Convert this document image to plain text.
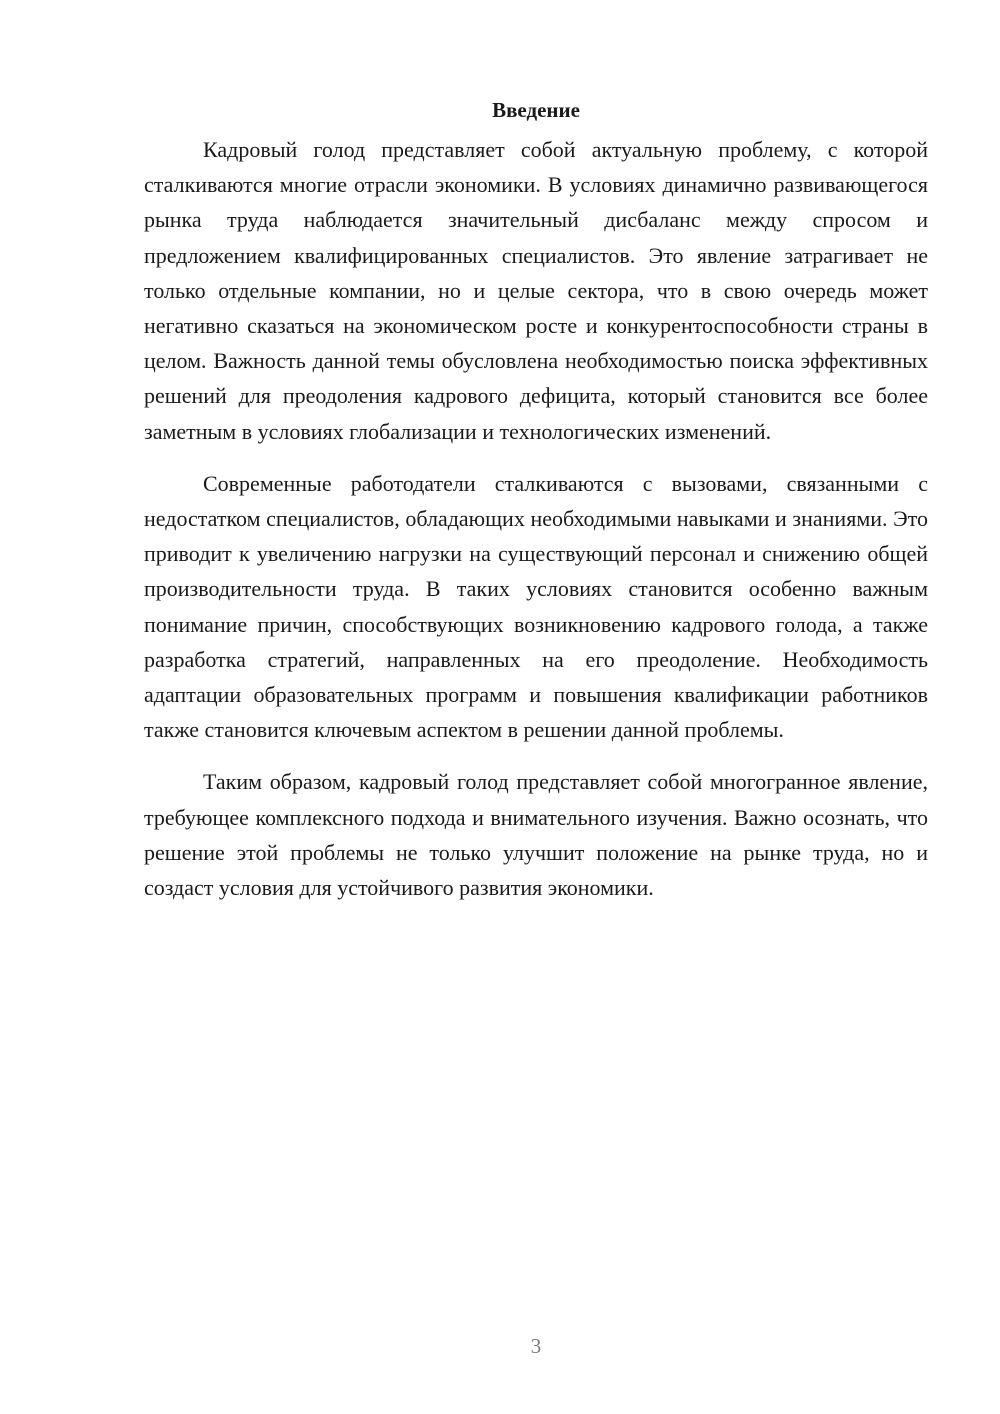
Введение

Кадровый голод представляет собой актуальную проблему, с которой сталкиваются многие отрасли экономики. В условиях динамично развивающегося рынка труда наблюдается значительный дисбаланс между спросом и предложением квалифицированных специалистов. Это явление затрагивает не только отдельные компании, но и целые сектора, что в свою очередь может негативно сказаться на экономическом росте и конкурентоспособности страны в целом. Важность данной темы обусловлена необходимостью поиска эффективных решений для преодоления кадрового дефицита, который становится все более заметным в условиях глобализации и технологических изменений.

Современные работодатели сталкиваются с вызовами, связанными с недостатком специалистов, обладающих необходимыми навыками и знаниями. Это приводит к увеличению нагрузки на существующий персонал и снижению общей производительности труда. В таких условиях становится особенно важным понимание причин, способствующих возникновению кадрового голода, а также разработка стратегий, направленных на его преодоление. Необходимость адаптации образовательных программ и повышения квалификации работников также становится ключевым аспектом в решении данной проблемы.

Таким образом, кадровый голод представляет собой многогранное явление, требующее комплексного подхода и внимательного изучения. Важно осознать, что решение этой проблемы не только улучшит положение на рынке труда, но и создаст условия для устойчивого развития экономики.

3
